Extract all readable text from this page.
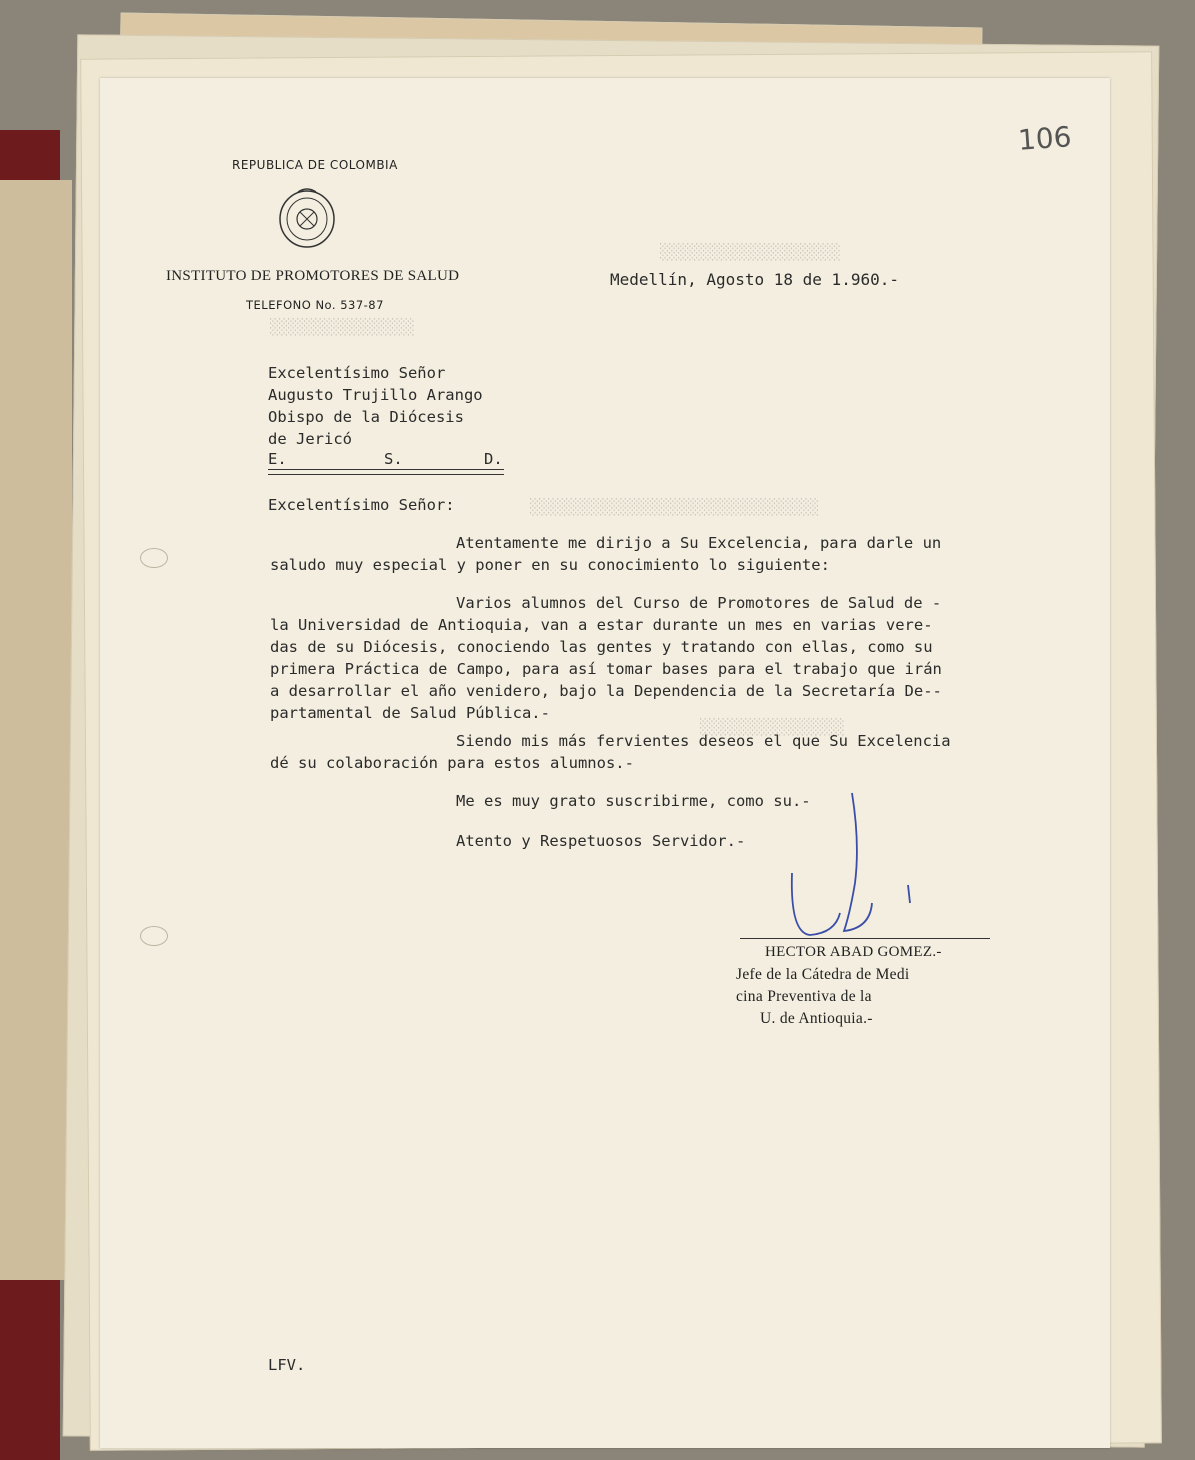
░░░░░░░░░░░░░░░░░░░░
░░░░░░░░░░░░░░░░
░░░░░░░░░░░░░░░░░░░░░░░░░░░░░░░░
░░░░░░░░░░░░░░░░
106
REPUBLICA DE COLOMBIA
INSTITUTO DE PROMOTORES DE SALUD
TELEFONO No. 537-87
Medellín, Agosto 18 de 1.960.-
Excelentísimo Señor
Augusto Trujillo Arango
Obispo de la Diócesis
de Jericó
E.	S.	D.
Excelentísimo Señor:
Atentamente me dirijo a Su Excelencia, para darle un
saludo muy especial y poner en su conocimiento lo siguiente:
Varios alumnos del Curso de Promotores de Salud de -
la Universidad de Antioquia, van a estar durante un mes en varias vere-
das de su Diócesis, conociendo las gentes y tratando con ellas, como su
primera Práctica de Campo, para así tomar bases para el trabajo que irán
a desarrollar el año venidero, bajo la Dependencia de la Secretaría De--
partamental de Salud Pública.-
Siendo mis más fervientes deseos el que Su Excelencia
dé su colaboración para estos alumnos.-
Me es muy grato suscribirme, como su.-
Atento y Respetuosos Servidor.-
HECTOR ABAD GOMEZ.-
Jefe de la Cátedra de Medi
cina Preventiva de la
U. de Antioquia.-
LFV.
